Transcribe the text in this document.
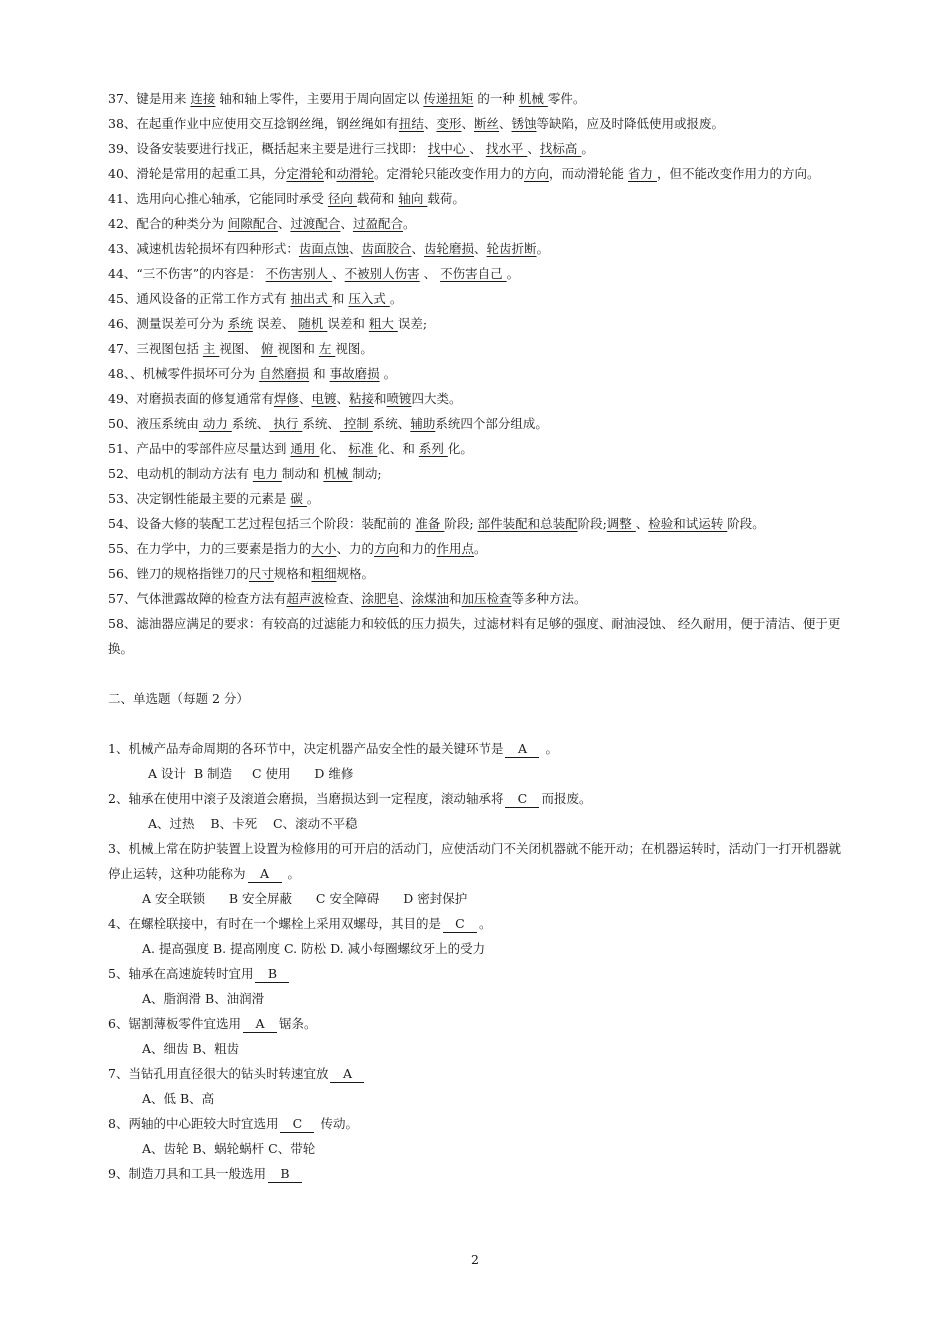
37、键是用来 连接 轴和轴上零件，主要用于周向固定以 传递扭矩 的一种 机械 零件。
38、在起重作业中应使用交互捻钢丝绳，钢丝绳如有扭结、变形、断丝、锈蚀等缺陷，应及时降低使用或报废。
39、设备安装要进行找正，概括起来主要是进行三找即： 找中心 、 找水平 、找标高 。
40、滑轮是常用的起重工具，分定滑轮和动滑轮。定滑轮只能改变作用力的方向，而动滑轮能 省力 ，但不能改变作用力的方向。
41、选用向心推心轴承，它能同时承受 径向 载荷和 轴向 载荷。
42、配合的种类分为 间隙配合、过渡配合、过盈配合。
43、减速机齿轮损坏有四种形式：齿面点蚀、齿面胶合、齿轮磨损、轮齿折断。
44、“三不伤害”的内容是： 不伤害别人 、不被别人伤害 、 不伤害自己 。
45、通风设备的正常工作方式有 抽出式 和 压入式 。
46、测量误差可分为 系统 误差、 随机 误差和 粗大 误差;
47、三视图包括 主 视图、 俯 视图和 左 视图。
48、、机械零件损坏可分为 自然磨损 和 事故磨损 。
49、对磨损表面的修复通常有焊修、电镀、粘接和喷镀四大类。
50、液压系统由 动力 系统、 执行 系统、 控制 系统、辅助系统四个部分组成。
51、产品中的零部件应尽量达到 通用 化、 标准 化、和 系列 化。
52、电动机的制动方法有 电力 制动和 机械 制动;
53、决定钢性能最主要的元素是 碳 。
54、设备大修的装配工艺过程包括三个阶段：装配前的 准备 阶段; 部件装配和总装配阶段;调整 、检验和试运转 阶段。
55、在力学中，力的三要素是指力的大小、力的方向和力的作用点。
56、锉刀的规格指锉刀的尺寸规格和粗细规格。
57、气体泄露故障的检查方法有超声波检查、涂肥皂、涂煤油和加压检查等多种方法。
58、滤油器应满足的要求：有较高的过滤能力和较低的压力损失，过滤材料有足够的强度、耐油浸蚀、 经久耐用，便于清洁、便于更换。
二、单选题（每题 2 分）
1、机械产品寿命周期的各环节中，决定机器产品安全性的最关键环节是 A 。
A 设计  B 制造     C 使用      D 维修
2、轴承在使用中滚子及滚道会磨损，当磨损达到一定程度，滚动轴承将 C 而报废。
A、过热    B、卡死    C、滚动不平稳
3、机械上常在防护装置上设置为检修用的可开启的活动门，应使活动门不关闭机器就不能开动；在机器运转时，活动门一打开机器就停止运转，这种功能称为 A 。
A 安全联锁      B 安全屏蔽      C 安全障碍      D 密封保护
4、在螺栓联接中，有时在一个螺栓上采用双螺母，其目的是 C 。
A. 提高强度 B. 提高刚度 C. 防松 D. 减小每圈螺纹牙上的受力
5、轴承在高速旋转时宜用 B
A、脂润滑 B、油润滑
6、锯割薄板零件宜选用 A 锯条。
A、细齿 B、粗齿
7、当钻孔用直径很大的钻头时转速宜放 A
A、低 B、高
8、两轴的中心距较大时宜选用 C 传动。
A、齿轮 B、蜗轮蜗杆 C、带轮
9、制造刀具和工具一般选用 B
2
